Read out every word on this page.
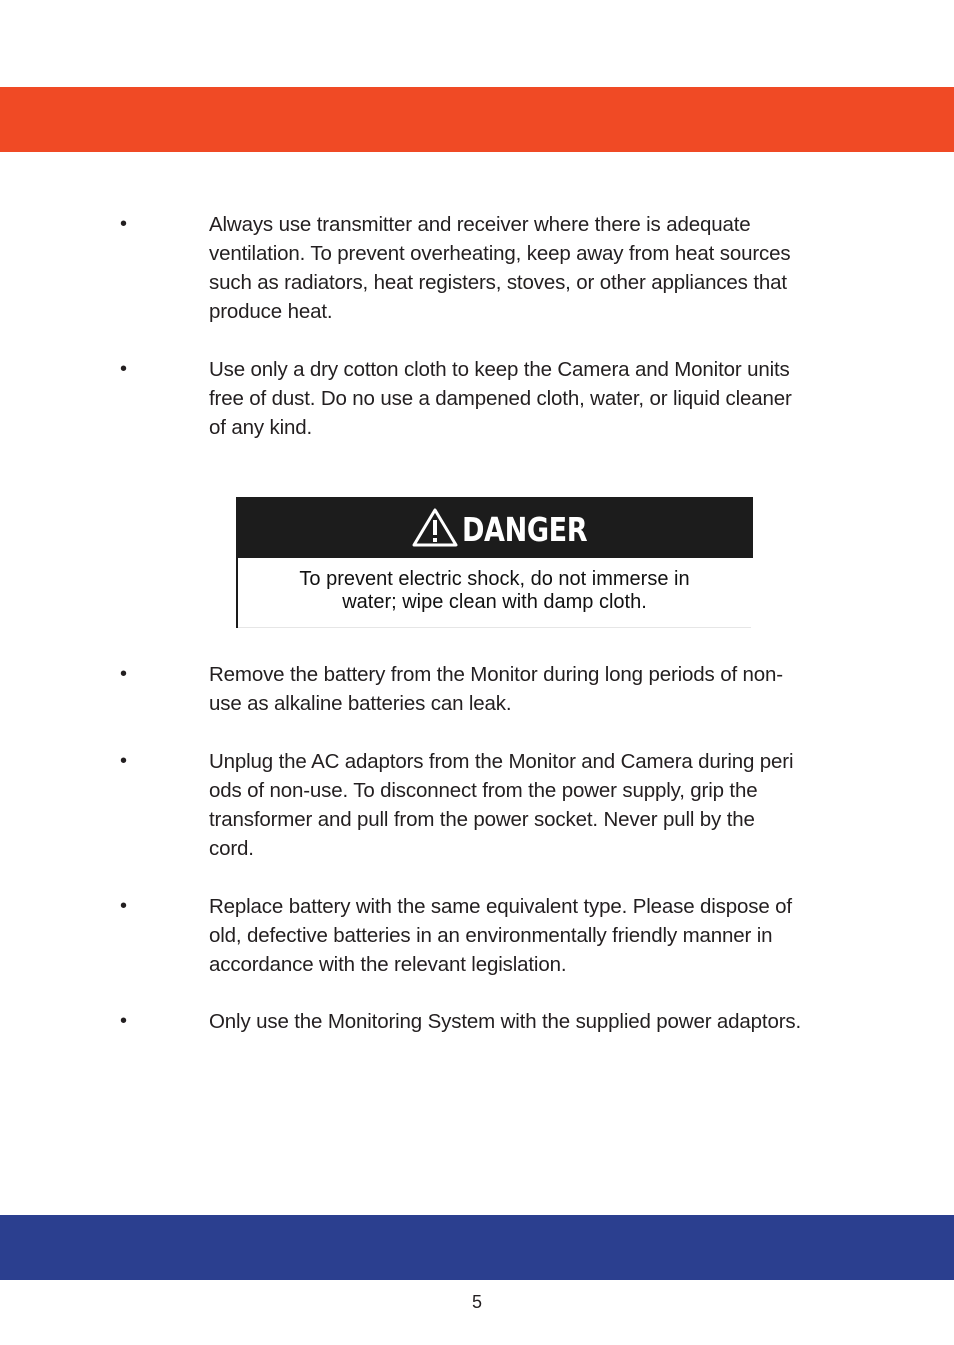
•	Always use transmitter and receiver where there is adequate
ventilation. To prevent overheating, keep away from heat sources
such as radiators, heat registers, stoves, or other appliances that
produce heat.
•	Use only a dry cotton cloth to keep the Camera and Monitor units
free of dust. Do no use a dampened cloth, water, or liquid cleaner
of any kind.
•	Remove the battery from the Monitor during long periods of non-
use as alkaline batteries can leak.
•	Unplug the AC adaptors from the Monitor and Camera during peri
ods of non-use. To disconnect from the power supply, grip the
transformer and pull from the power socket. Never pull by the
cord.
•	Replace battery with the same equivalent type. Please dispose of
old, defective batteries in an environmentally friendly manner in
accordance with the relevant legislation.
•	Only use the Monitoring System with the supplied power adaptors.
DANGER
To prevent electric shock, do not immerse in
water; wipe clean with damp cloth.
5
